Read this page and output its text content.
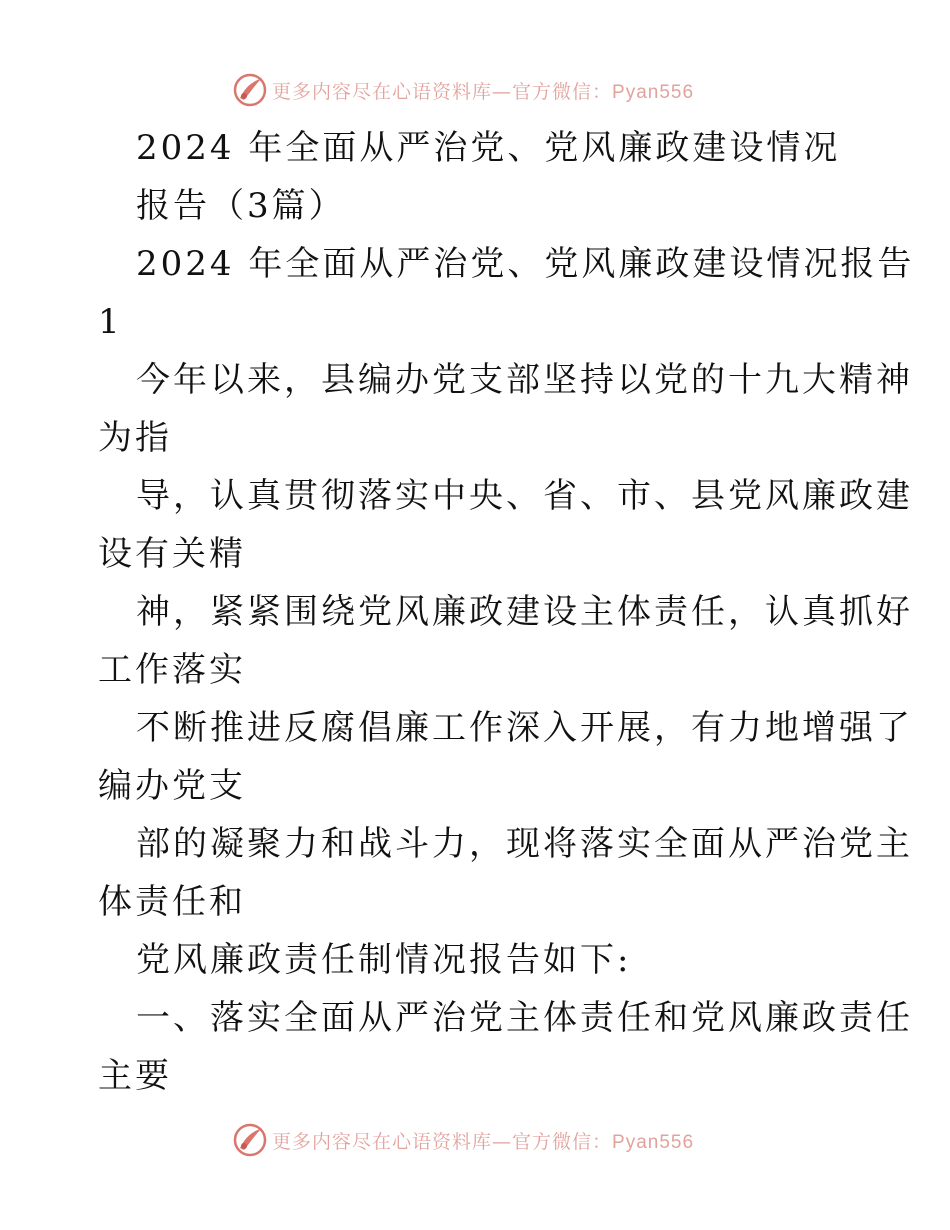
更多内容尽在心语资料库—官方微信：Pyan556
2024 年全面从严治党、党风廉政建设情况
报告（3篇）
2024 年全面从严治党、党风廉政建设情况报告
1
今年以来，县编办党支部坚持以党的十九大精神
为指
导，认真贯彻落实中央、省、市、县党风廉政建
设有关精
神，紧紧围绕党风廉政建设主体责任，认真抓好
工作落实
不断推进反腐倡廉工作深入开展，有力地增强了
编办党支
部的凝聚力和战斗力，现将落实全面从严治党主
体责任和
党风廉政责任制情况报告如下:
一、落实全面从严治党主体责任和党风廉政责任
主要
更多内容尽在心语资料库—官方微信：Pyan556
